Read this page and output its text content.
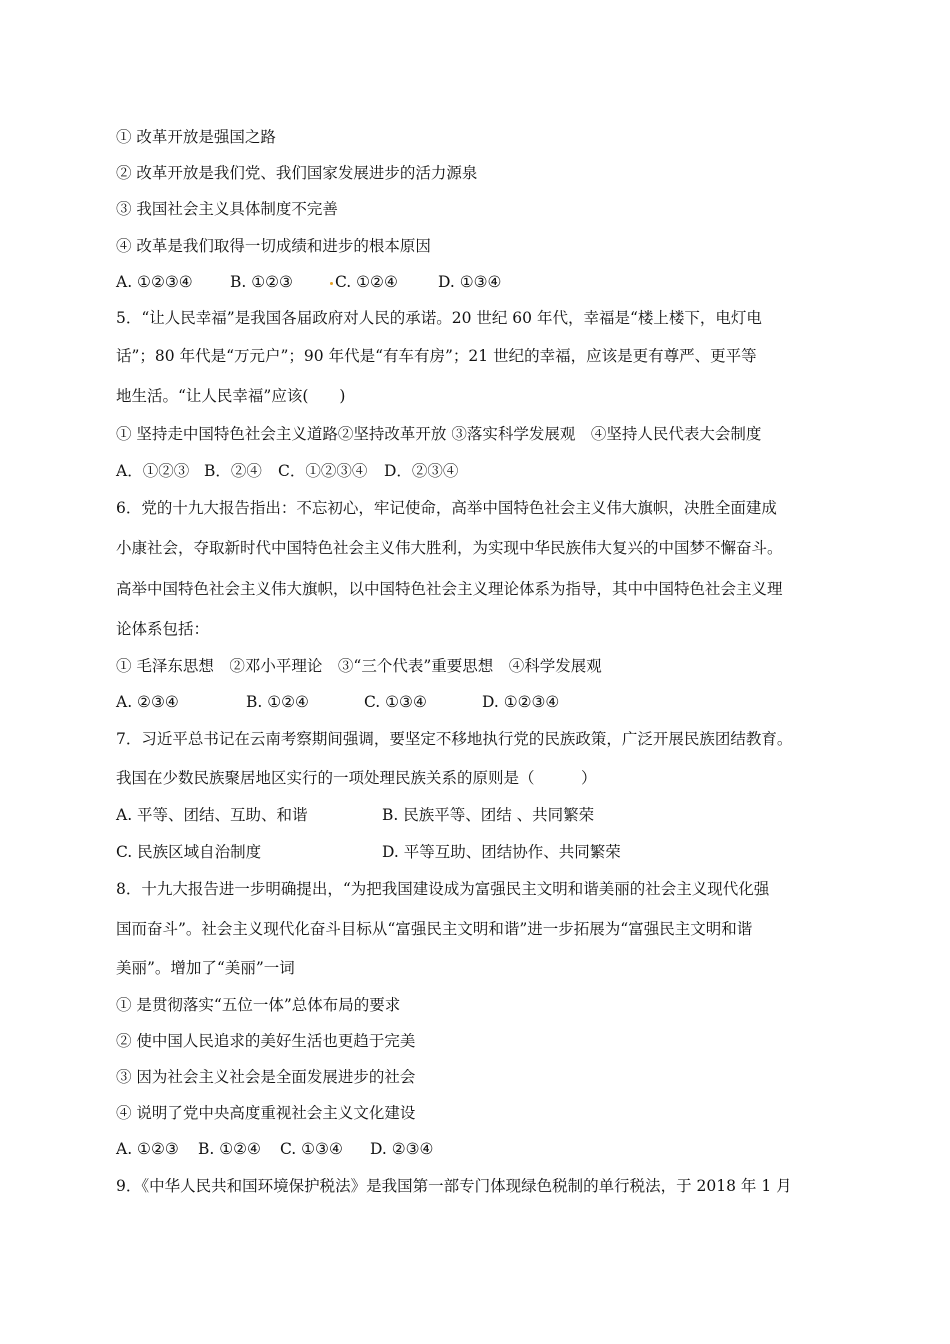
① 改革开放是强国之路
② 改革开放是我们党、我们国家发展进步的活力源泉
③ 我国社会主义具体制度不完善
④ 改革是我们取得一切成绩和进步的根本原因
A. ①②③④ B. ①②③	C. ①②④	D. ①③④
5．“让人民幸福”是我国各届政府对人民的承诺。20 世纪 60 年代，幸福是“楼上楼下，电灯电
话”；80 年代是“万元户”；90 年代是“有车有房”；21 世纪的幸福，应该是更有尊严、更平等
地生活。“让人民幸福”应该(　　)
① 坚持走中国特色社会主义道路②坚持改革开放 ③落实科学发展观　④坚持人民代表大会制度
A．①②③ B．②④ C．①②③④ D．②③④
6．党的十九大报告指出：不忘初心，牢记使命，高举中国特色社会主义伟大旗帜，决胜全面建成
小康社会，夺取新时代中国特色社会主义伟大胜利，为实现中华民族伟大复兴的中国梦不懈奋斗。
高举中国特色社会主义伟大旗帜，以中国特色社会主义理论体系为指导，其中中国特色社会主义理
论体系包括：
① 毛泽东思想　②邓小平理论　③“三个代表”重要思想　④科学发展观
A. ②③④	B. ①②④	C. ①③④	D. ①②③④
7．习近平总书记在云南考察期间强调，要坚定不移地执行党的民族政策，广泛开展民族团结教育。
我国在少数民族聚居地区实行的一项处理民族关系的原则是（　　　）
A. 平等、团结、互助、和谐	B. 民族平等、团结 、共同繁荣
C. 民族区域自治制度	D. 平等互助、团结协作、共同繁荣
8．十九大报告进一步明确提出，“为把我国建设成为富强民主文明和谐美丽的社会主义现代化强
国而奋斗”。社会主义现代化奋斗目标从“富强民主文明和谐”进一步拓展为“富强民主文明和谐
美丽”。增加了“美丽”一词
① 是贯彻落实“五位一体”总体布局的要求
② 使中国人民追求的美好生活也更趋于完美
③ 因为社会主义社会是全面发展进步的社会
④ 说明了党中央高度重视社会主义文化建设
A. ①②③ B. ①②④ C. ①③④ D. ②③④
9．《中华人民共和国环境保护税法》是我国第一部专门体现绿色税制的单行税法，于 2018 年 1 月
